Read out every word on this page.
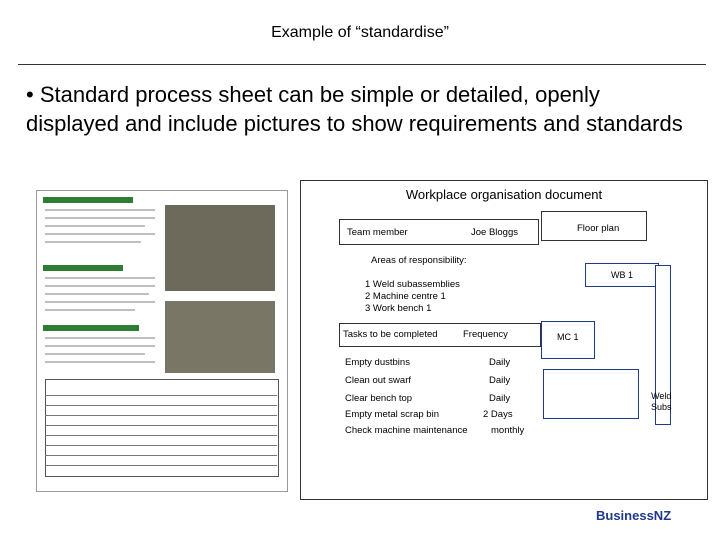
Example of “standardise”
• Standard process sheet can be simple or detailed, openly displayed and include pictures to show requirements and standards
Workplace organisation document
Team member	Joe Bloggs	Floor plan
Areas of responsibility:
1 Weld subassemblies
2 Machine centre 1
3 Work bench 1
Tasks to be completed	Frequency
Empty dustbins	Daily
Clean out swarf	Daily
Clear bench top	Daily
Empty metal scrap bin	2 Days
Check machine maintenance monthly
WB 1
MC 1
Weld
Subs
BusinessNZ
